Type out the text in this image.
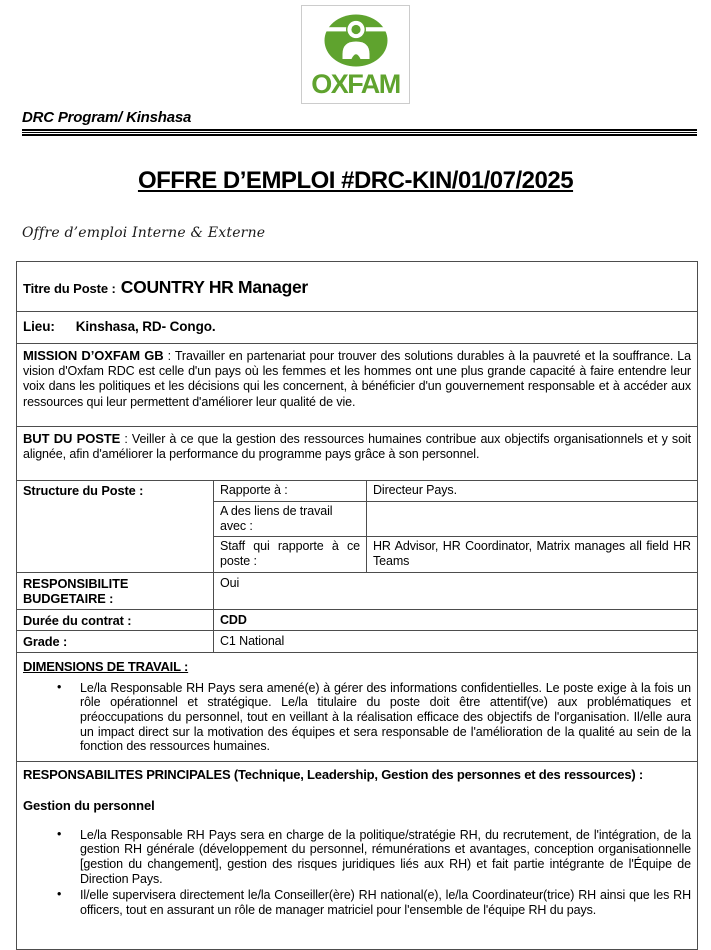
OXFAM
DRC Program/ Kinshasa
OFFRE D’EMPLOI #DRC-KIN/01/07/2025
Offre d’emploi Interne & Externe
Titre du Poste : COUNTRY HR Manager		
Lieu: Kinshasa, RD- Congo.		

MISSION D’OXFAM GB : Travailler en partenariat pour trouver des solutions durables à la pauvreté et la souffrance. La vision d'Oxfam RDC est celle d'un pays où les femmes et les hommes ont une plus grande capacité à faire entendre leur voix dans les politiques et les décisions qui les concernent, à bénéficier d'un gouvernement responsable et à accéder aux ressources qui leur permettent d'améliorer leur qualité de vie.		

BUT DU POSTE : Veiller à ce que la gestion des ressources humaines contribue aux objectifs organisationnels et y soit alignée, afin d'améliorer la performance du programme pays grâce à son personnel.		

Structure du Poste :	Rapporte à :	Directeur Pays.
	A des liens de travail avec :	
	Staff qui rapporte à ce poste :	HR Advisor, HR Coordinator, Matrix manages all field HR Teams
RESPONSIBILITE BUDGETAIRE :	Oui	
Durée du contrat :	CDD	
Grade :	C1 National	

DIMENSIONS DE TRAVAIL :
• Le/la Responsable RH Pays sera amené(e) à gérer des informations confidentielles. Le poste exige à la fois un rôle opérationnel et stratégique. Le/la titulaire du poste doit être attentif(ve) aux problématiques et préoccupations du personnel, tout en veillant à la réalisation efficace des objectifs de l'organisation. Il/elle aura un impact direct sur la motivation des équipes et sera responsable de l'amélioration de la qualité au sein de la fonction des ressources humaines.

RESPONSABILITES PRINCIPALES (Technique, Leadership, Gestion des personnes et des ressources) :
Gestion du personnel
• Le/la Responsable RH Pays sera en charge de la politique/stratégie RH, du recrutement, de l'intégration, de la gestion RH générale (développement du personnel, rémunérations et avantages, conception organisationnelle [gestion du changement], gestion des risques juridiques liés aux RH) et fait partie intégrante de l'Équipe de Direction Pays.
• Il/elle supervisera directement le/la Conseiller(ère) RH national(e), le/la Coordinateur(trice) RH ainsi que les RH officers, tout en assurant un rôle de manager matriciel pour l'ensemble de l'équipe RH du pays.
